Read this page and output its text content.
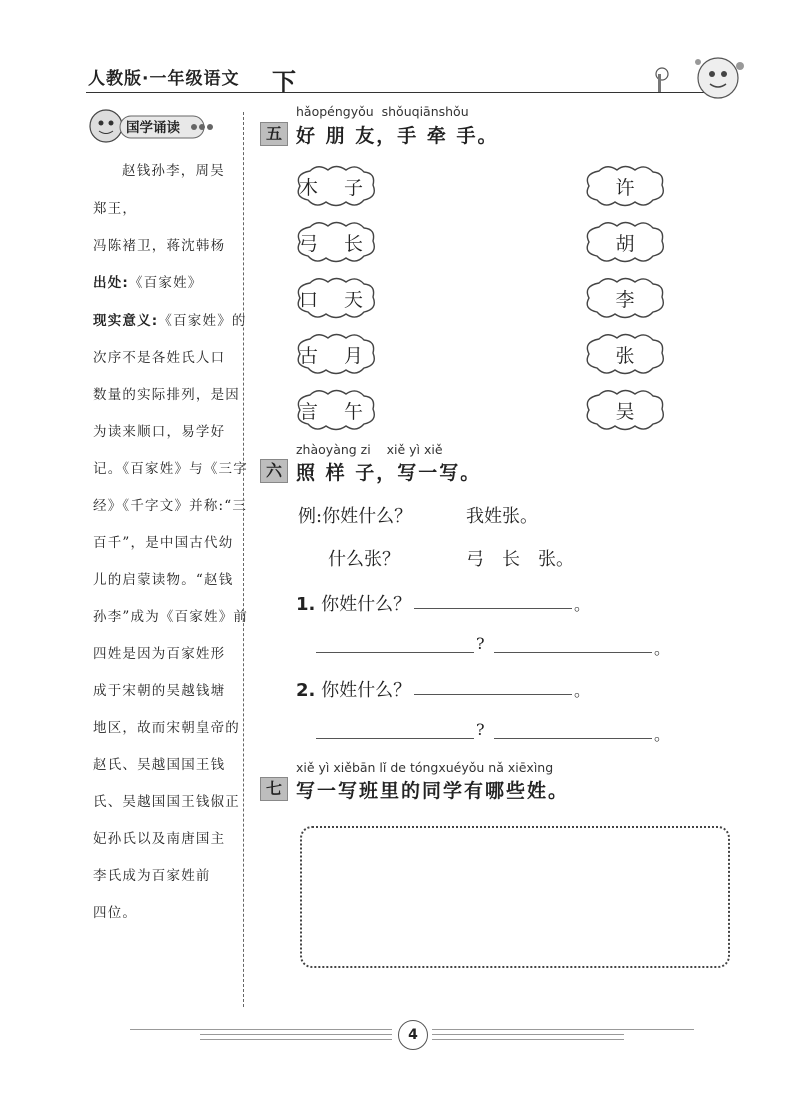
人教版·一年级语文 下
国学诵读
赵钱孙李，周吴
郑王，
冯陈褚卫，蒋沈韩杨
出处:《百家姓》
现实意义:《百家姓》的
次序不是各姓氏人口
数量的实际排列，是因
为读来顺口，易学好
记。《百家姓》与《三字
经》《千字文》并称:“三
百千”，是中国古代幼
儿的启蒙读物。“赵钱
孙李”成为《百家姓》前
四姓是因为百家姓形
成于宋朝的吴越钱塘
地区，故而宋朝皇帝的
赵氏、吴越国国王钱
氏、吴越国国王钱俶正
妃孙氏以及南唐国主
李氏成为百家姓前
四位。
hǎopéngyǒu  shǒuqiānshǒu
五 好 朋 友，手 牵 手。
木 子
弓 长
口 天
古 月
言 午
许
胡
李
张
吴
zhàoyàng zi    xiě yì xiě
六 照 样 子，写一写。
例:你姓什么？	我姓张。
什么张？	弓　长　张。
1. 你姓什么？	。
?	。
2. 你姓什么？	。
?	。
xiě yì xiěbān lǐ de tóngxuéyǒu nǎ xiēxìng
七 写一写班里的同学有哪些姓。
4
